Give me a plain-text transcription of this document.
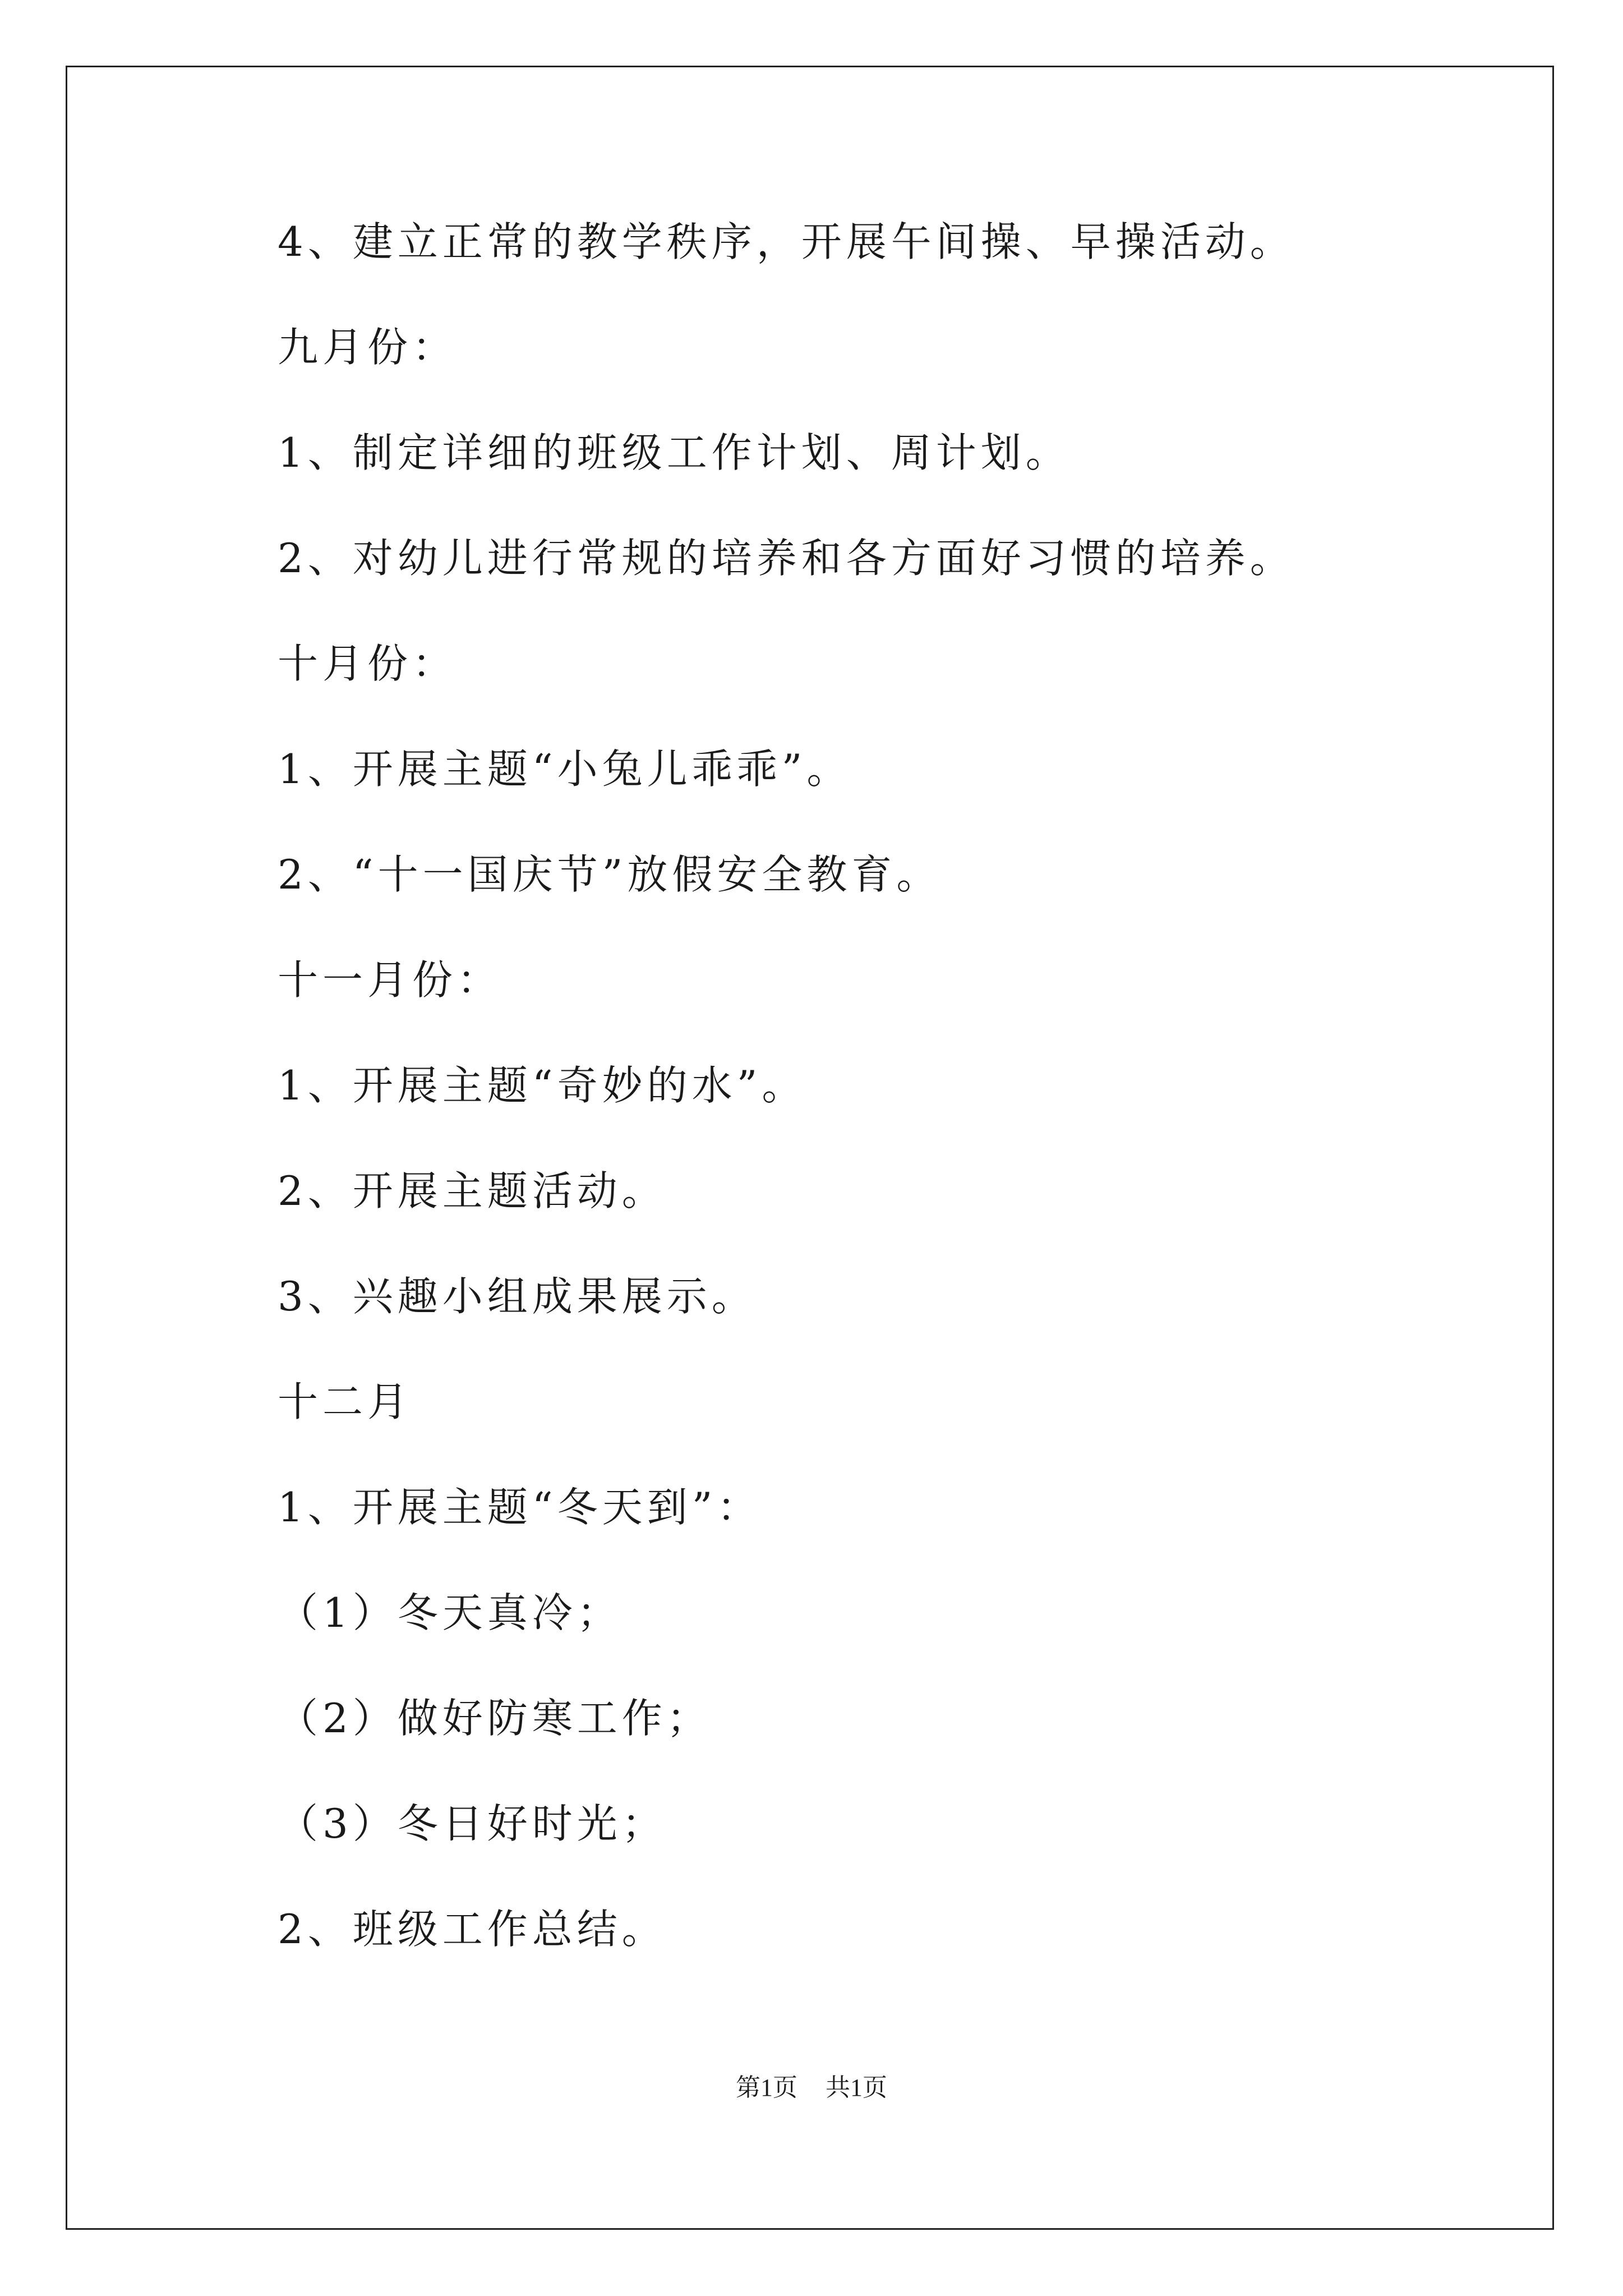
4、建立正常的教学秩序，开展午间操、早操活动。

九月份：

1、制定详细的班级工作计划、周计划。

2、对幼儿进行常规的培养和各方面好习惯的培养。

十月份：

1、开展主题“小兔儿乖乖”。

2、“十一国庆节”放假安全教育。

十一月份：

1、开展主题“奇妙的水”。

2、开展主题活动。

3、兴趣小组成果展示。

十二月

1、开展主题“冬天到”：

（1）冬天真冷；

（2）做好防寒工作；

（3）冬日好时光；

2、班级工作总结。

第1页 共1页
